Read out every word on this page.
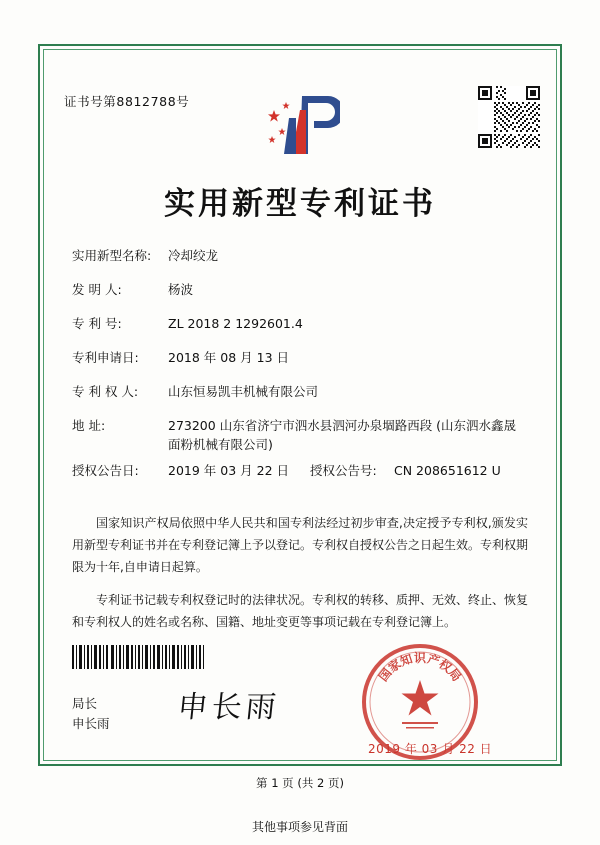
证书号第8812788号
实用新型专利证书
实用新型名称: 冷却绞龙
发 明 人:	杨波
专 利 号:	ZL 2018 2 1292601.4
专利申请日: 2018 年 08 月 13 日
专 利 权 人: 山东恒易凯丰机械有限公司
地 址:	273200 山东省济宁市泗水县泗河办泉堌路西段 (山东泗水鑫晟面粉机械有限公司)
授权公告日: 2019 年 03 月 22 日 授权公告号: CN 208651612 U

国家知识产权局依照中华人民共和国专利法经过初步审查,决定授予专利权,颁发实用新型专利证书并在专利登记簿上予以登记。专利权自授权公告之日起生效。专利权期限为十年,自申请日起算。

专利证书记载专利权登记时的法律状况。专利权的转移、质押、无效、终止、恢复和专利权人的姓名或名称、国籍、地址变更等事项记载在专利登记簿上。

局长
申长雨 申长雨
国
家
知 识 产
权
局
2019 年 03 月 22 日
第 1 页 (共 2 页)
其他事项参见背面
